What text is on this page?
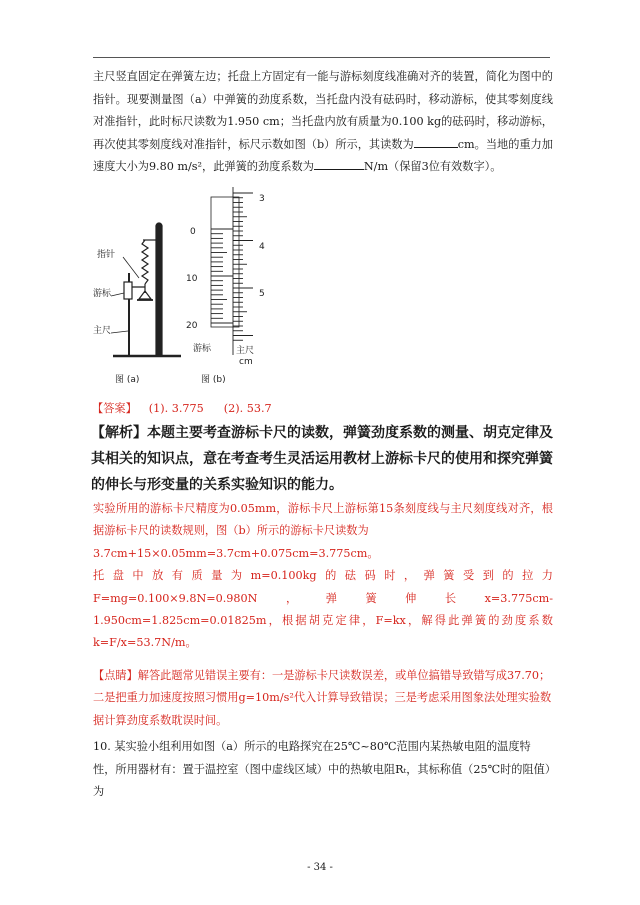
主尺竖直固定在弹簧左边；托盘上方固定有一能与游标刻度线准确对齐的装置，简化为图中的指针。现要测量图（a）中弹簧的劲度系数，当托盘内没有砝码时，移动游标，使其零刻度线对准指针，此时标尺读数为1.950 cm；当托盘内放有质量为0.100 kg的砝码时，移动游标，再次使其零刻度线对准指针，标尺示数如图（b）所示，其读数为	cm。当地的重力加速度大小为9.80 m/s²，此弹簧的劲度系数为	N/m（保留3位有效数字）。

指针
游标
主尺
图 (a)
0
10
20
游标
3
4
5
主尺
cm
图 (b)

【答案】 (1). 3.775 (2). 53.7

【解析】本题主要考查游标卡尺的读数，弹簧劲度系数的测量、胡克定律及其相关的知识点，意在考查考生灵活运用教材上游标卡尺的使用和探究弹簧的伸长与形变量的关系实验知识的能力。

实验所用的游标卡尺精度为0.05mm，游标卡尺上游标第15条刻度线与主尺刻度线对齐，根据游标卡尺的读数规则，图（b）所示的游标卡尺读数为

3.7cm+15×0.05mm=3.7cm+0.075cm=3.775cm。

托盘中放有质量为m=0.100kg的砝码时，弹簧受到的拉力F=mg=0.100×9.8N=0.980N，弹簧伸长x=3.775cm-1.950cm=1.825cm=0.01825m，根据胡克定律，F=kx，解得此弹簧的劲度系数k=F/x=53.7N/m。

【点睛】解答此题常见错误主要有：一是游标卡尺读数误差，或单位搞错导致错写成37.70；二是把重力加速度按照习惯用g=10m/s²代入计算导致错误；三是考虑采用图象法处理实验数据计算劲度系数耽误时间。

10. 某实验小组利用如图（a）所示的电路探究在25℃~80℃范围内某热敏电阻的温度特性，所用器材有：置于温控室（图中虚线区域）中的热敏电阻Rₜ，其标称值（25℃时的阻值）为

- 34 -
